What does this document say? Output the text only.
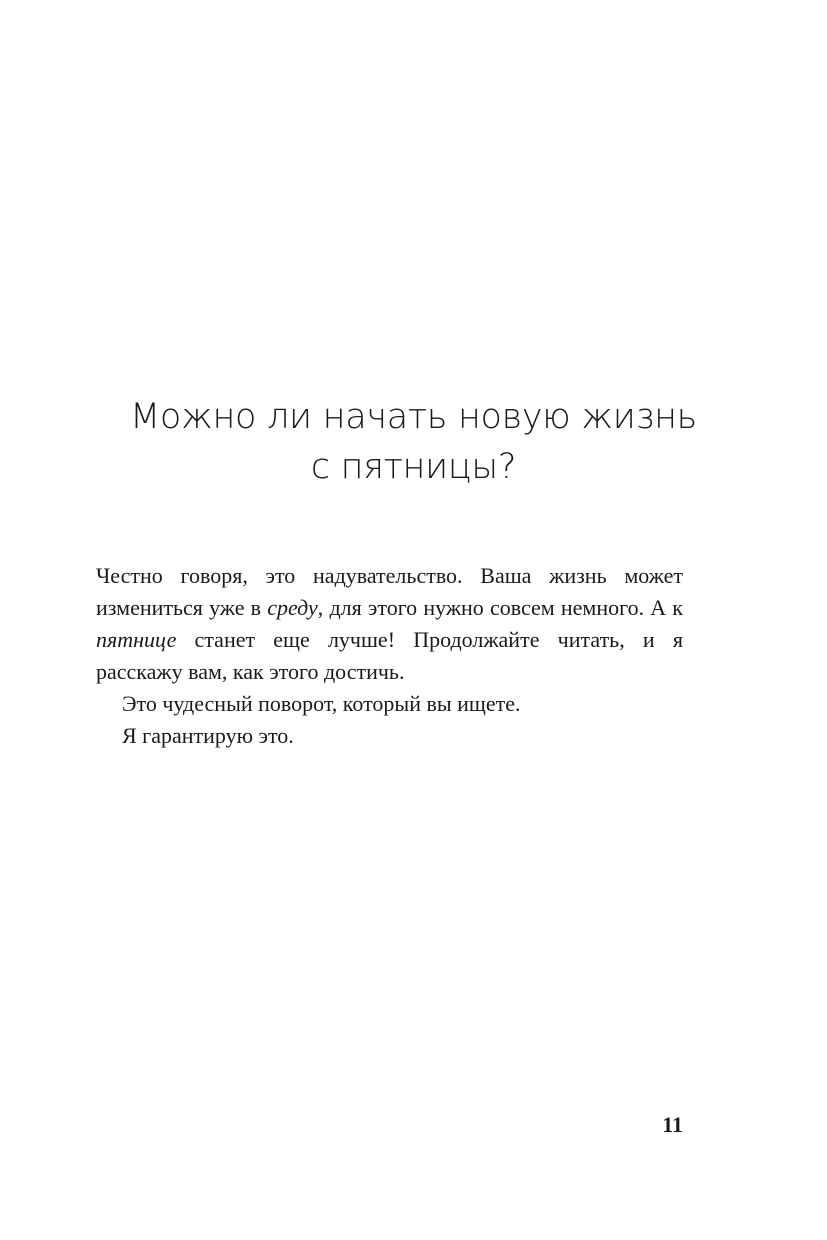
Можно ли начать новую жизнь
с пятницы?

Честно говоря, это надувательство. Ваша жизнь может измениться уже в среду, для этого нужно совсем немного. А к пятнице станет еще лучше! Продолжайте читать, и я расскажу вам, как этого достичь.

Это чудесный поворот, который вы ищете.

Я гарантирую это.

11
